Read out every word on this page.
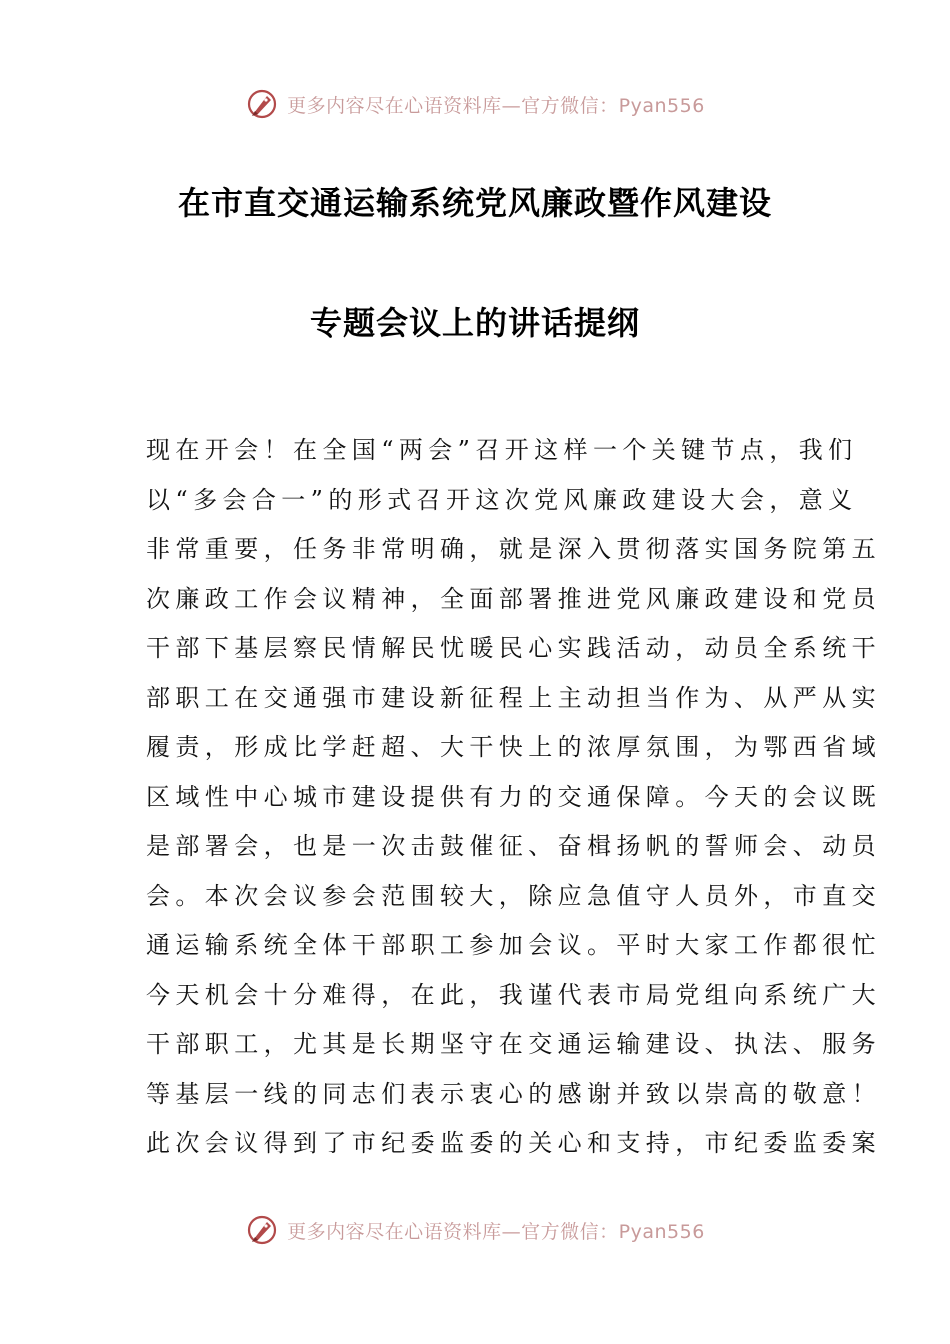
更多内容尽在心语资料库—官方微信：Pyan556
在市直交通运输系统党风廉政暨作风建设
专题会议上的讲话提纲
现在开会！在全国“两会”召开这样一个关键节点，我们
以“多会合一”的形式召开这次党风廉政建设大会，意义
非常重要，任务非常明确，就是深入贯彻落实国务院第五
次廉政工作会议精神，全面部署推进党风廉政建设和党员
干部下基层察民情解民忧暖民心实践活动，动员全系统干
部职工在交通强市建设新征程上主动担当作为、从严从实
履责，形成比学赶超、大干快上的浓厚氛围，为鄂西省域
区域性中心城市建设提供有力的交通保障。今天的会议既
是部署会，也是一次击鼓催征、奋楫扬帆的誓师会、动员
会。本次会议参会范围较大，除应急值守人员外，市直交
通运输系统全体干部职工参加会议。平时大家工作都很忙
今天机会十分难得，在此，我谨代表市局党组向系统广大
干部职工，尤其是长期坚守在交通运输建设、执法、服务
等基层一线的同志们表示衷心的感谢并致以崇高的敬意！
此次会议得到了市纪委监委的关心和支持，市纪委监委案
更多内容尽在心语资料库—官方微信：Pyan556
